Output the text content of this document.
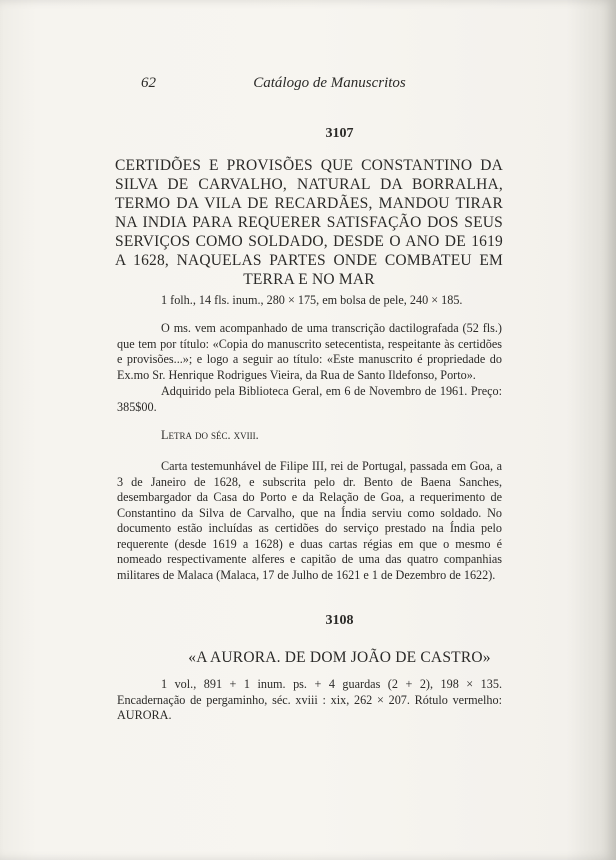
62	Catálogo de Manuscritos
3107
CERTIDÕES E PROVISÕES QUE CONSTANTINO DA SILVA DE CARVALHO, NATURAL DA BORRALHA, TERMO DA VILA DE RECARDÃES, MANDOU TIRAR NA INDIA PARA REQUERER SATISFAÇÃO DOS SEUS SERVIÇOS COMO SOLDADO, DESDE O ANO DE 1619 A 1628, NAQUELAS PARTES ONDE COMBATEU EM TERRA E NO MAR

1 folh., 14 fls. inum., 280 × 175, em bolsa de pele, 240 × 185.

O ms. vem acompanhado de uma transcrição dactilografada (52 fls.) que tem por título: «Copia do manuscrito setecentista, respeitante às certidões e provisões...»; e logo a seguir ao título: «Este manuscrito é propriedade do Ex.mo Sr. Henrique Rodrigues Vieira, da Rua de Santo Ildefonso, Porto».

Adquirido pela Biblioteca Geral, em 6 de Novembro de 1961. Preço: 385$00.

Letra do séc. xviii.

Carta testemunhável de Filipe III, rei de Portugal, passada em Goa, a 3 de Janeiro de 1628, e subscrita pelo dr. Bento de Baena Sanches, desembargador da Casa do Porto e da Relação de Goa, a requerimento de Constantino da Silva de Carvalho, que na Índia serviu como soldado. No documento estão incluídas as certidões do serviço prestado na Índia pelo requerente (desde 1619 a 1628) e duas cartas régias em que o mesmo é nomeado respectivamente alferes e capitão de uma das quatro companhias militares de Malaca (Malaca, 17 de Julho de 1621 e 1 de Dezembro de 1622).

3108
«A AURORA. DE DOM JOÃO DE CASTRO»

1 vol., 891 + 1 inum. ps. + 4 guardas (2 + 2), 198 × 135. Encadernação de pergaminho, séc. xviii : xix, 262 × 207. Rótulo vermelho: AURORA.
